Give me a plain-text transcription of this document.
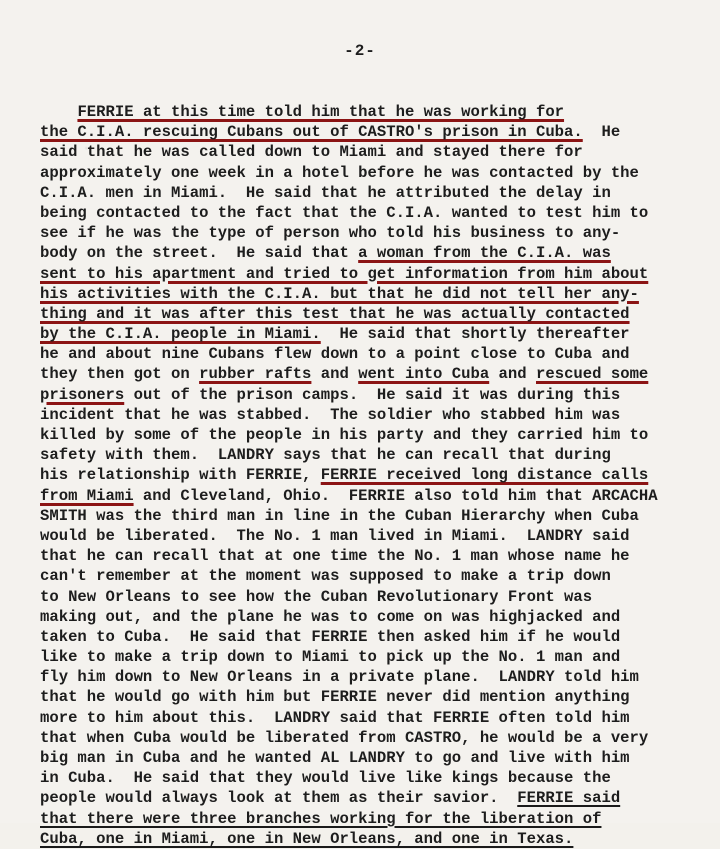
-2-
FERRIE at this time told him that he was working for
the C.I.A. rescuing Cubans out of CASTRO's prison in Cuba.  He
said that he was called down to Miami and stayed there for
approximately one week in a hotel before he was contacted by the
C.I.A. men in Miami.  He said that he attributed the delay in
being contacted to the fact that the C.I.A. wanted to test him to
see if he was the type of person who told his business to any-
body on the street.  He said that a woman from the C.I.A. was
sent to his apartment and tried to get information from him about
his activities with the C.I.A. but that he did not tell her any-
thing and it was after this test that he was actually contacted
by the C.I.A. people in Miami.  He said that shortly thereafter
he and about nine Cubans flew down to a point close to Cuba and
they then got on rubber rafts and went into Cuba and rescued some
prisoners out of the prison camps.  He said it was during this
incident that he was stabbed.  The soldier who stabbed him was
killed by some of the people in his party and they carried him to
safety with them.  LANDRY says that he can recall that during
his relationship with FERRIE, FERRIE received long distance calls
from Miami and Cleveland, Ohio.  FERRIE also told him that ARCACHA
SMITH was the third man in line in the Cuban Hierarchy when Cuba
would be liberated.  The No. 1 man lived in Miami.  LANDRY said
that he can recall that at one time the No. 1 man whose name he
can't remember at the moment was supposed to make a trip down
to New Orleans to see how the Cuban Revolutionary Front was
making out, and the plane he was to come on was highjacked and
taken to Cuba.  He said that FERRIE then asked him if he would
like to make a trip down to Miami to pick up the No. 1 man and
fly him down to New Orleans in a private plane.  LANDRY told him
that he would go with him but FERRIE never did mention anything
more to him about this.  LANDRY said that FERRIE often told him
that when Cuba would be liberated from CASTRO, he would be a very
big man in Cuba and he wanted AL LANDRY to go and live with him
in Cuba.  He said that they would live like kings because the
people would always look at them as their savior.  FERRIE said
that there were three branches working for the liberation of
Cuba, one in Miami, one in New Orleans, and one in Texas.
